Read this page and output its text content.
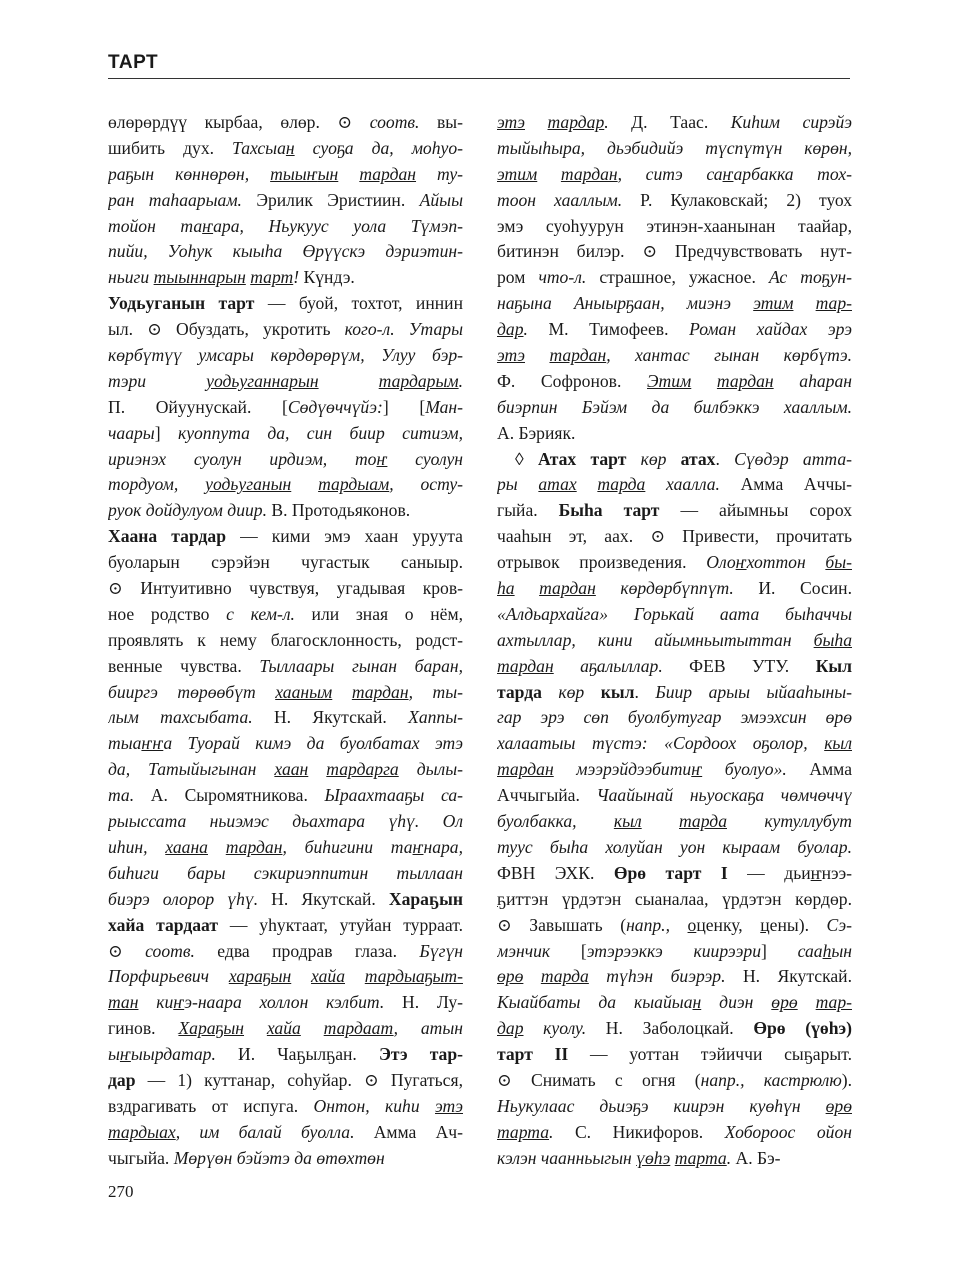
ТАРТ
өлөрөрдүү кырбаа, өлөр. ⊙ соотв. вы-
шибить дух. Тахсыан суоҕа да, моһуо-
раҕын көннөрөн, тыыҥын тардан ту-
ран таһаарыам. Эрилик Эристиин. Айыы
тойон таҥара, Ньукуус уола Түмэп-
пийи, Уоһук кыыһа Өрүүскэ дэриэтин-
ньиги тыыннарын тарт! Күндэ.
Уодьуганын тарт — буой, тохтот, иннин
ыл. ⊙ Обуздать, укротить кого-л. Утары
көрбүтүү умсары көрдөрөрүм, Улуу бэр-
тэри уодьуганнарын	тардарым.
П. Ойуунускай. [Сөдүөччүйэ:] [Ман-
чаары] куоппута да, син биир ситиэм,
ириэнэх суолун ирдиэм, тоҥ суолун
тордуом, уодьуганын тардыам, осту-
руок дойдулуом диир. В. Протодьяконов.
Хаана тардар — кими эмэ хаан уруута
буоларын сэрэйэн чугастык саныыр.
⊙ Интуитивно чувствуя, угадывая кров-
ное родство с кем-л. или зная о нём,
проявлять к нему благосклонность, родст-
венные чувства. Тыллаары гынан баран,
бииргэ төрөөбүт хааным тардан, ты-
лым тахсыбата. Н. Якутскай. Хаппы-
тыаҥҥа Туорай кимэ да буолбатах этэ
да, Татыйыгынан хаан тардарга дылы-
та. А. Сыромятникова. Ыраахтааҕы са-
рыыссата ньиэмэс дьахтара үһү. Ол
иһин, хаана тардан, биһигини таҥнара,
биһиги бары сэкириэппитин тыллаан
биэрэ олорор үһү. Н. Якутскай. Хараҕын
хайа тардаат — уһуктаат, утуйан турраат.
⊙ соотв. едва продрав глаза. Бүгүн
Порфирьевич хараҕын хайа тардыаҕыт-
тан киҥэ-наара холлон кэлбит. Н. Лу-
гинов. Хараҕын хайа тардаат, атын
ыҥыырдатар. И. Чаҕылҕан. Этэ тар-
дар — 1) куттанар, соһуйар. ⊙ Пугаться,
вздрагивать от испуга. Онтон, киһи этэ
тардыах, им балай буолла. Амма Ач-
чыгыйа. Мөрүөн бэйэтэ да өтөхтөн
этэ тардар. Д. Таас. Киһим сирэйэ
тыйыһыра, дьэбидийэ түспүтүн көрөн,
этим тардан, ситэ саҥарбакка тох-
тоон хааллым. Ρ. Кулаковскай; 2) туох
эмэ суоһуурун этинэн-хаанынан таайар,
битинэн билэр. ⊙ Предчувствовать нут-
ром что-л. страшное, ужасное. Ас тоҕун-
наҕына Аныырҕаан, миэнэ этим тар-
дар. М. Тимофеев. Роман хайдах эрэ
этэ тардан, хантас гынан көрбүтэ.
Ф. Софронов. Этим тардан аһаран
биэрпин Бэйэм да билбэккэ хааллым.
А. Бэрияк.
◊ Атах тарт көр атах. Сүөдэр атта-
ры атах тарда хаалла. Амма Аччы-
гыйа. Быһа тарт — айымньы сорох
чааһын эт, аах. ⊙ Привести, прочитать
отрывок произведения. Олоҥхоттон бы-
һа тардан көрдөрбүппүт. И. Сосин.
«Алдьархайга» Горькай аата быһаччы
ахтыллар, кини айымньытыттан быһа
тардан аҕалыллар. ФЕВ УТУ. Кыл
тарда көр кыл. Биир арыы ыйааһыны-
гар эрэ сөп буолбутугар эмээхсин өрө
халаатыы түстэ: «Сордоох оҕолор, кыл
тардан мээрэйдээбитиҥ буолуо». Амма
Аччыгыйа. Чаайынай ньуоскаҕа чөмчөччү
буолбакка, кыл тарда кутуллубут
туус быһа холуйан уон кыраам буолар.
ФВН ЭХК. Өрө тарт I — дьиҥнээ-
ҕиттэн үрдэтэн сыаналаа, үрдэтэн көрдөр.
⊙ Завышать (напр., оценку, цены). Сэ-
мэнчик [этэрээккэ киирээри] сааһын
өрө тарда түһэн биэрэр. Н. Якутскай.
Кыайбаты да кыайыан диэн өрө тар-
дар куолу. Н. Заболоцкай. Өрө (үөһэ)
тарт II — уоттан тэйиччи сыҕарыт.
⊙ Снимать с огня (напр., кастрюлю).
Ньукулаас дьиэҕэ киирэн куөһүн өрө
тарта. С. Никифоров. Хобороос ойон
кэлэн чаанньыгын үөһэ тарта. А. Бэ-
270
